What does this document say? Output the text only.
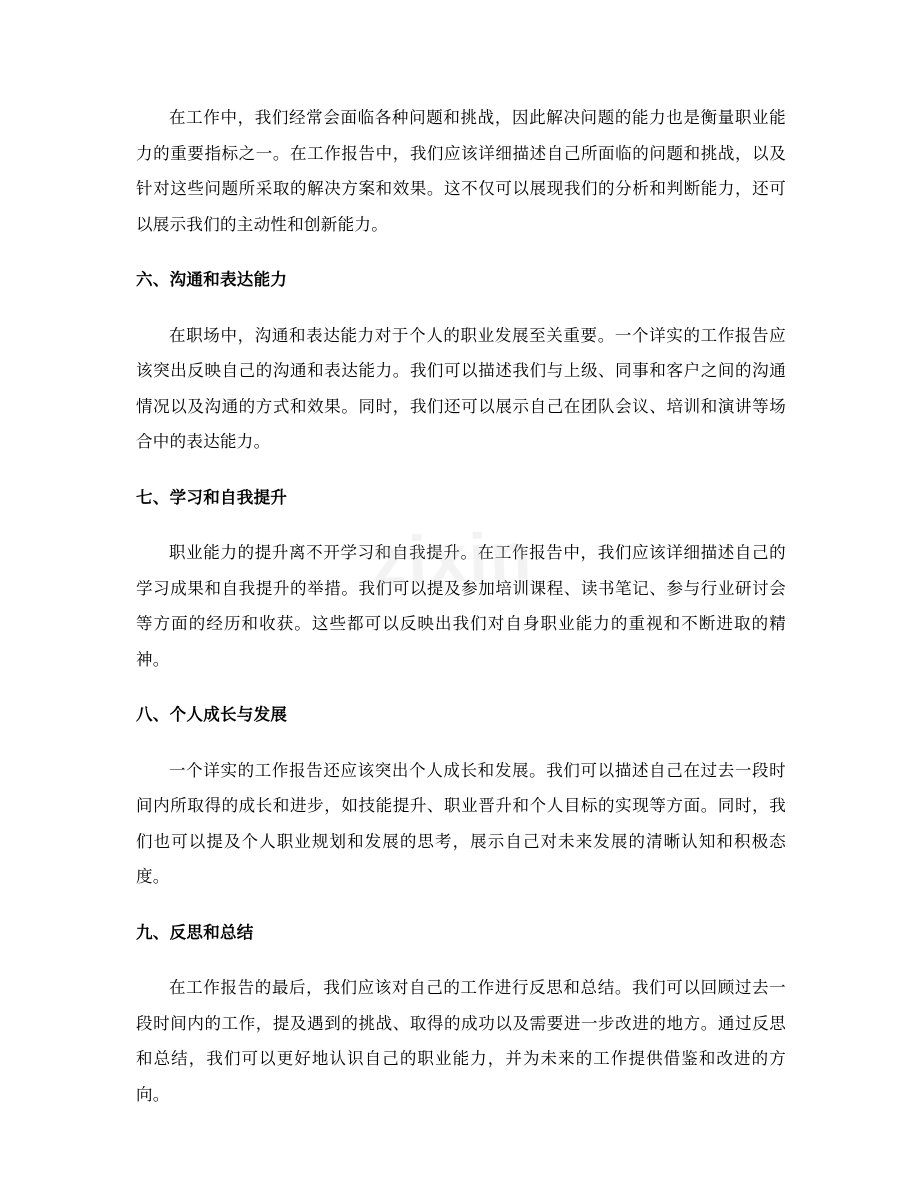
在工作中，我们经常会面临各种问题和挑战，因此解决问题的能力也是衡量职业能力的重要指标之一。在工作报告中，我们应该详细描述自己所面临的问题和挑战，以及针对这些问题所采取的解决方案和效果。这不仅可以展现我们的分析和判断能力，还可以展示我们的主动性和创新能力。

六、沟通和表达能力

在职场中，沟通和表达能力对于个人的职业发展至关重要。一个详实的工作报告应该突出反映自己的沟通和表达能力。我们可以描述我们与上级、同事和客户之间的沟通情况以及沟通的方式和效果。同时，我们还可以展示自己在团队会议、培训和演讲等场合中的表达能力。

七、学习和自我提升

职业能力的提升离不开学习和自我提升。在工作报告中，我们应该详细描述自己的学习成果和自我提升的举措。我们可以提及参加培训课程、读书笔记、参与行业研讨会等方面的经历和收获。这些都可以反映出我们对自身职业能力的重视和不断进取的精神。

八、个人成长与发展

一个详实的工作报告还应该突出个人成长和发展。我们可以描述自己在过去一段时间内所取得的成长和进步，如技能提升、职业晋升和个人目标的实现等方面。同时，我们也可以提及个人职业规划和发展的思考，展示自己对未来发展的清晰认知和积极态度。

九、反思和总结

在工作报告的最后，我们应该对自己的工作进行反思和总结。我们可以回顾过去一段时间内的工作，提及遇到的挑战、取得的成功以及需要进一步改进的地方。通过反思和总结，我们可以更好地认识自己的职业能力，并为未来的工作提供借鉴和改进的方向。

zixin
